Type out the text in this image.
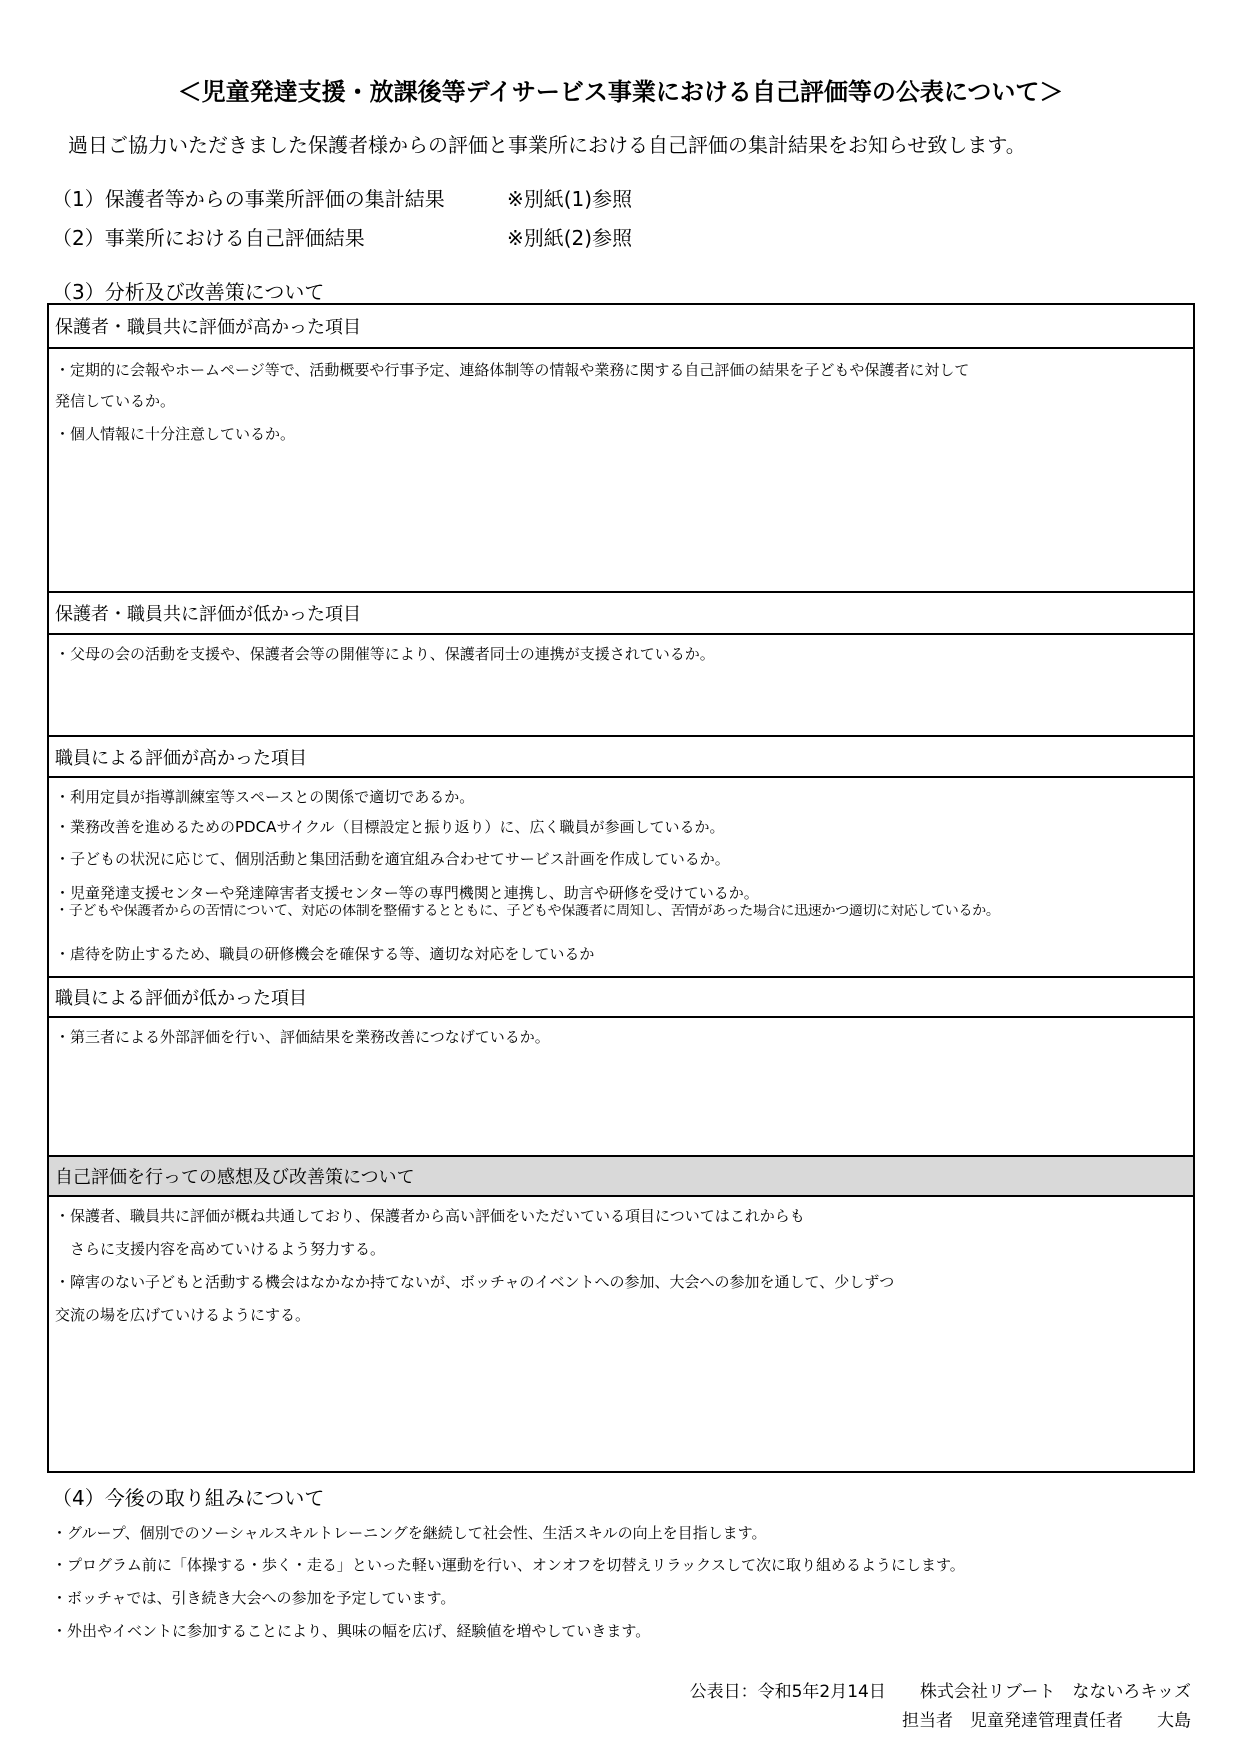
＜児童発達支援・放課後等デイサービス事業における自己評価等の公表について＞
過日ご協力いただきました保護者様からの評価と事業所における自己評価の集計結果をお知らせ致します。
（1）保護者等からの事業所評価の集計結果	※別紙(1)参照
（2）事業所における自己評価結果	※別紙(2)参照
（3）分析及び改善策について
保護者・職員共に評価が高かった項目
・定期的に会報やホームページ等で、活動概要や行事予定、連絡体制等の情報や業務に関する自己評価の結果を子どもや保護者に対して
発信しているか。
・個人情報に十分注意しているか。
保護者・職員共に評価が低かった項目
・父母の会の活動を支援や、保護者会等の開催等により、保護者同士の連携が支援されているか。
職員による評価が高かった項目
・利用定員が指導訓練室等スペースとの関係で適切であるか。
・業務改善を進めるためのPDCAサイクル（目標設定と振り返り）に、広く職員が参画しているか。
・子どもの状況に応じて、個別活動と集団活動を適宜組み合わせてサービス計画を作成しているか。
・児童発達支援センターや発達障害者支援センター等の専門機関と連携し、助言や研修を受けているか。
・子どもや保護者からの苦情について、対応の体制を整備するとともに、子どもや保護者に周知し、苦情があった場合に迅速かつ適切に対応しているか。
・虐待を防止するため、職員の研修機会を確保する等、適切な対応をしているか
職員による評価が低かった項目
・第三者による外部評価を行い、評価結果を業務改善につなげているか。
自己評価を行っての感想及び改善策について
・保護者、職員共に評価が概ね共通しており、保護者から高い評価をいただいている項目についてはこれからも
　さらに支援内容を高めていけるよう努力する。
・障害のない子どもと活動する機会はなかなか持てないが、ボッチャのイベントへの参加、大会への参加を通して、少しずつ
交流の場を広げていけるようにする。
（4）今後の取り組みについて
・グループ、個別でのソーシャルスキルトレーニングを継続して社会性、生活スキルの向上を目指します。
・プログラム前に「体操する・歩く・走る」といった軽い運動を行い、オンオフを切替えリラックスして次に取り組めるようにします。
・ボッチャでは、引き続き大会への参加を予定しています。
・外出やイベントに参加することにより、興味の幅を広げ、経験値を増やしていきます。
公表日：令和5年2月14日　　株式会社リブート　なないろキッズ
担当者　児童発達管理責任者　　大島
